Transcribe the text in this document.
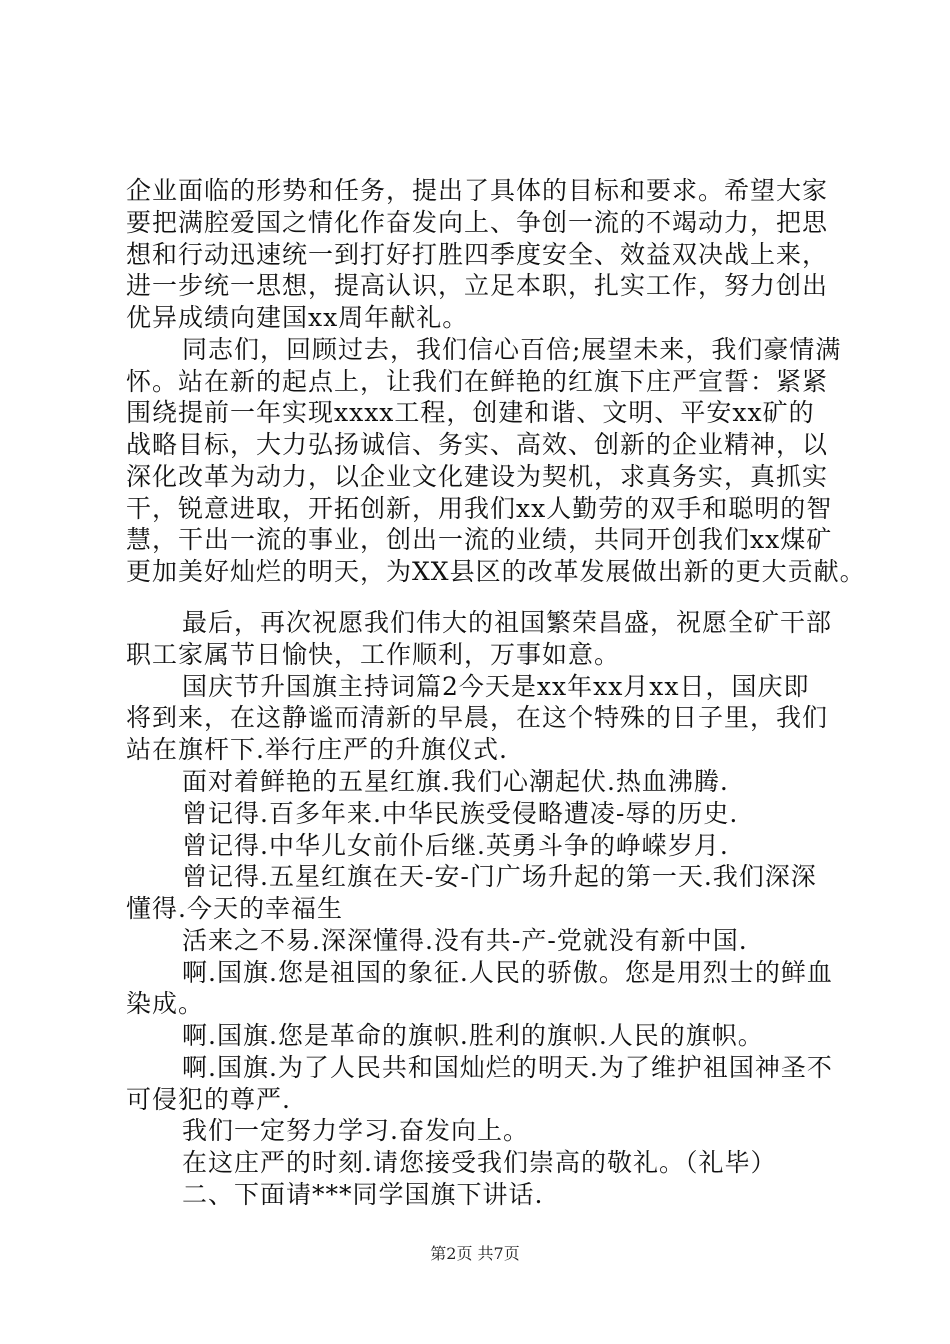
企业面临的形势和任务，提出了具体的目标和要求。希望大家
要把满腔爱国之情化作奋发向上、争创一流的不竭动力，把思
想和行动迅速统一到打好打胜四季度安全、效益双决战上来，
进一步统一思想，提高认识，立足本职，扎实工作，努力创出
优异成绩向建国xx周年献礼。
同志们，回顾过去，我们信心百倍;展望未来，我们豪情满
怀。站在新的起点上，让我们在鲜艳的红旗下庄严宣誓：紧紧
围绕提前一年实现xxxx工程，创建和谐、文明、平安xx矿的
战略目标，大力弘扬诚信、务实、高效、创新的企业精神，以
深化改革为动力，以企业文化建设为契机，求真务实，真抓实
干，锐意进取，开拓创新，用我们xx人勤劳的双手和聪明的智
慧，干出一流的事业，创出一流的业绩，共同开创我们xx煤矿
更加美好灿烂的明天，为XX县区的改革发展做出新的更大贡献。
最后，再次祝愿我们伟大的祖国繁荣昌盛，祝愿全矿干部
职工家属节日愉快，工作顺利，万事如意。
国庆节升国旗主持词篇2今天是xx年xx月xx日，国庆即
将到来，在这静谧而清新的早晨，在这个特殊的日子里，我们
站在旗杆下.举行庄严的升旗仪式.
面对着鲜艳的五星红旗.我们心潮起伏.热血沸腾.
曾记得.百多年来.中华民族受侵略遭凌-辱的历史.
曾记得.中华儿女前仆后继.英勇斗争的峥嵘岁月.
曾记得.五星红旗在天-安-门广场升起的第一天.我们深深
懂得.今天的幸福生
活来之不易.深深懂得.没有共-产-党就没有新中国.
啊.国旗.您是祖国的象征.人民的骄傲。您是用烈士的鲜血
染成。
啊.国旗.您是革命的旗帜.胜利的旗帜.人民的旗帜。
啊.国旗.为了人民共和国灿烂的明天.为了维护祖国神圣不
可侵犯的尊严.
我们一定努力学习.奋发向上。
在这庄严的时刻.请您接受我们崇高的敬礼。（礼毕）
二、下面请***同学国旗下讲话.
第2页 共7页
